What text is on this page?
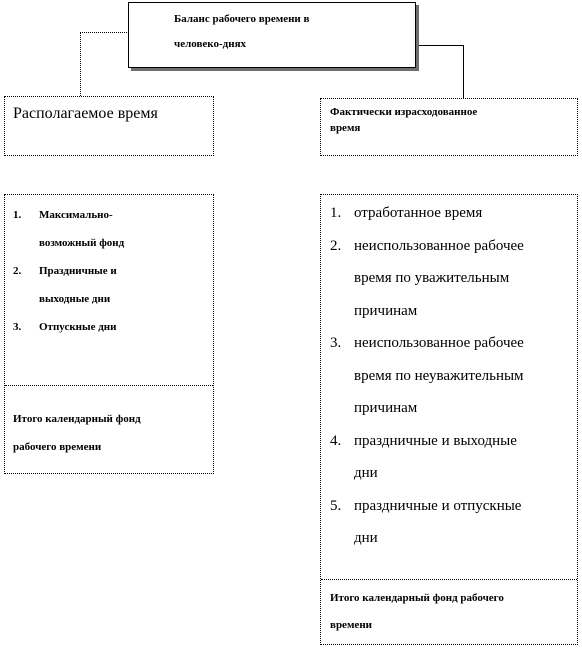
Баланс рабочего времени в
человеко-днях
Располагаемое время	Фактически израсходованное
время
1.	Максимально-
возможный фонд
2.	Праздничные и
выходные дни
3.	Отпускные дни
Итого календарный фонд
рабочего времени
1. отработанное время
2. неиспользованное рабочее
время по уважительным
причинам
3. неиспользованное рабочее
время по неуважительным
причинам
4. праздничные и выходные
дни
5. праздничные и отпускные
дни
Итого календарный фонд рабочего
времени
